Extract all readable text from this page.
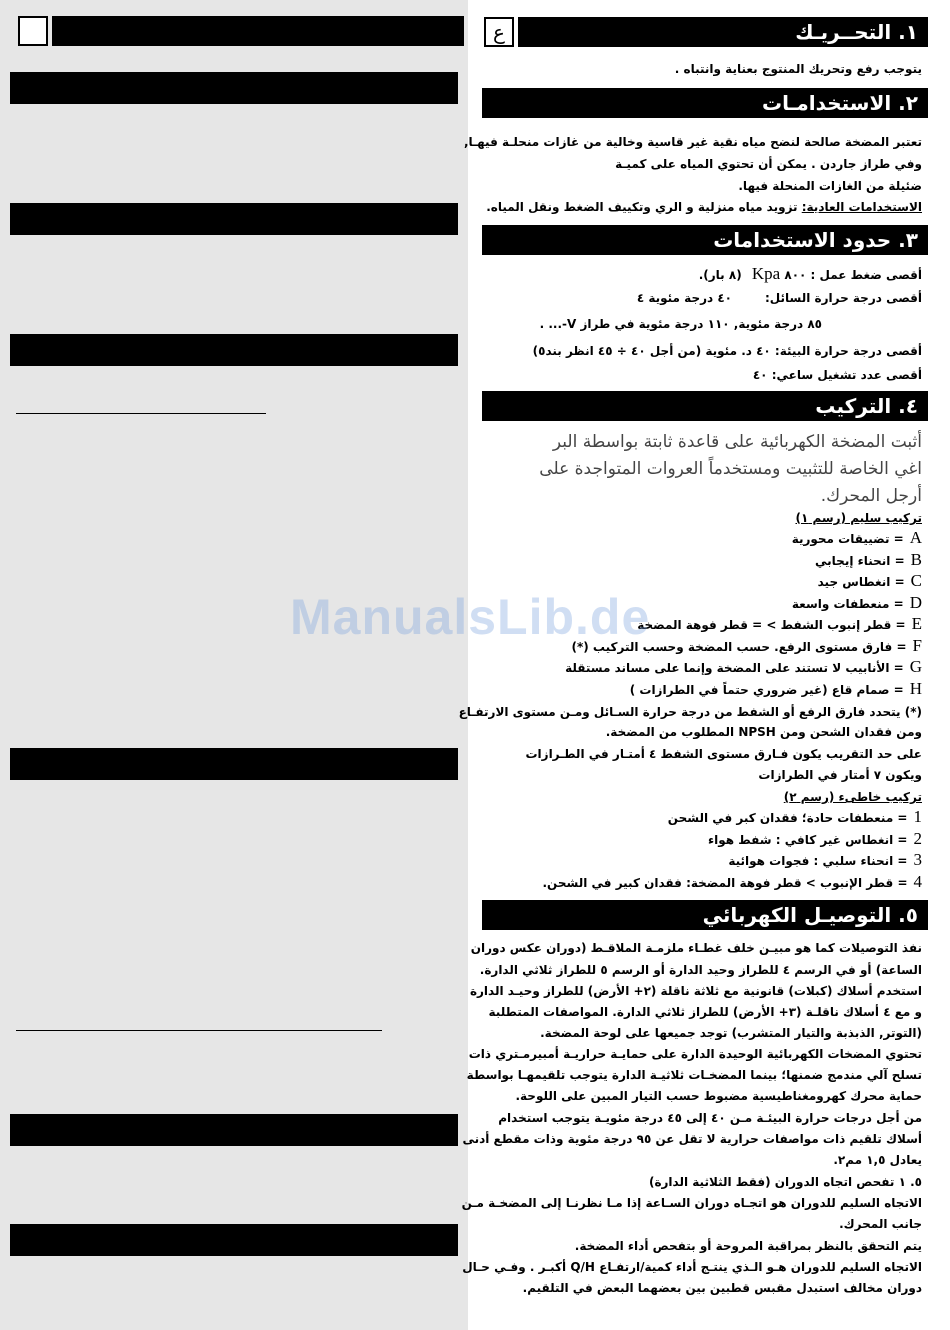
١. التحــريـك
ع
يتوجب رفع وتحريك المنتوج بعناية وانتباه .
٢. الاستخدامـات
تعتبر المضخة صالحة لنضح مياه نقية غير قاسية وخالية من غازات منحلـة فيهـا,
وفي طراز جاردن . يمكن أن تحتوي المياه على كميـة
ضئيلة من الغازات المنحلة فيها.
الاستخدامات العادية: تزويد مياه منزلية و الري وتكييف الضغط ونقل المياه.
٣. حدود الاستخدامات
أقصى ضغط عمل : ٨٠٠ Kpa (٨ بار).
أقصى درجة حرارة السائل:
٤٠ درجة مئوية ٤
٨٥ درجة مئوية, ١١٠ درجة مئوية في طراز V-... .
أقصى درجة حرارة البيئة: ٤٠ د. مئوية (من أجل ٤٠ ÷ ٤٥ انظر بند٥)
أقصى عدد تشغيل ساعي: ٤٠
٤. التركيب
أثبت المضخة الكهربائية على قاعدة ثابتة بواسطة البر
اغي الخاصة للتثبيت ومستخدماً العروات المتواجدة على
أرجل المحرك.
تركيب سليم (رسم ١)
A= تضييقات محورية
B= انحناء إيجابي
C= انغطاس جيد
D= منعطفات واسعة
E= قطر إنبوب الشفط > = قطر فوهة المضخة
F= فارق مستوى الرفع. حسب المضخة وحسب التركيب (*)
G= الأنابيب لا تستند على المضخة وإنما على مساند مستقلة
H= صمام قاع (غير ضروري حتماً في الطرازات )
(*) يتحدد فارق الرفع أو الشفط من درجة حرارة السـائل ومـن مستوى الارتفـاع
ومن فقدان الشحن ومن NPSH المطلوب من المضخة.
على حد التقريب يكون فـارق مستوى الشفط ٤ أمتـار في الطـرازات
ويكون ٧ أمتار في الطرازات
تركيب خاطىء (رسم ٢)
1= منعطفات حادة؛ فقدان كبر في الشحن
2= انغطاس غير كافي : شفط هواء
3= انحناء سلبي : فجوات هوائية
4= قطر الإنبوب > قطر فوهة المضخة: فقدان كبير في الشحن.
٥. التوصيـل الكهربائي
نفذ التوصيلات كما هو مبيـن خلف غطـاء ملزمـة الملاقـط (دوران عكس دوران
الساعة) أو في الرسم ٤ للطراز وحيد الدارة أو الرسم ٥ للطراز ثلاثي الدارة.
استخدم أسلاك (كبلات) قانونية مع ثلاثة ناقلة (٢+ الأرض) للطراز وحيـد الدارة
و مع ٤ أسلاك ناقلـة (٣+ الأرض) للطراز ثلاثي الدارة. المواصفات المتطلبة
(التوتر, الذبذبة والتيار المتشرب) توجد جميعها على لوحة المضخة.
تحتوي المضخات الكهربائية الوحيدة الدارة على حمايـة حراريـة أمبيرمـتري ذات
تسلح آلي مندمج ضمنها؛ بينما المضخـات ثلاثيـة الدارة يتوجب تلقيمهـا بواسطة
حماية محرك كهرومغناطيسية مضبوط حسب التيار المبين على اللوحة.
من أجل درجات حرارة البيئـة مـن ٤٠ إلى ٤٥ درجة مئويـة يتوجب استخدام
أسلاك تلقيم ذات مواصفات حرارية لا تقل عن ٩٥ درجة مئوية وذات مقطع أدنى
يعادل ١,٥ مم٢.
٥. ١ تفحص اتجاه الدوران (فقط الثلاثية الدارة)
الاتجاه السليم للدوران هو اتجـاه دوران السـاعة إذا مـا نظرنـا إلى المضخـة مـن
جانب المحرك.
يتم التحقق بالنظر بمراقبة المروحة أو بتفحص أداء المضخة.
الاتجاه السليم للدوران هـو الـذي ينتـج أداء كمية/ارتفـاع Q/H أكبـر . وفـي حـال
دوران مخالف استبدل مقبس قطبين بين بعضهما البعض في التلقيم.
ManualsLib.de
